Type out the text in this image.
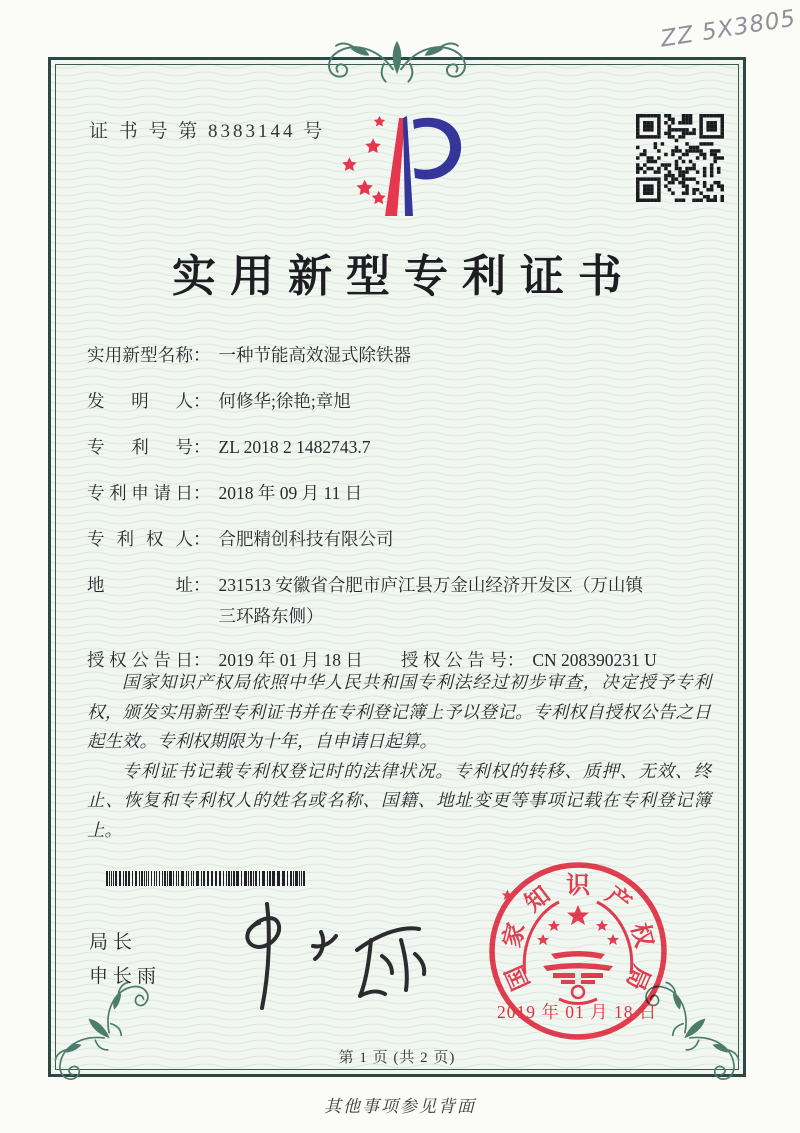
ZZ 5X3805
证 书 号 第 8383144 号
实用新型专利证书
实用新型名称 ： 一种节能高效湿式除铁器
发明人 ： 何修华;徐艳;章旭
专利号 ： ZL 2018 2 1482743.7
专利申请日 ： 2018 年 09 月 11 日
专利权人 ： 合肥精创科技有限公司
地址 ： 231513 安徽省合肥市庐江县万金山经济开发区（万山镇
三环路东侧）
授权公告日 ： 2019 年 01 月 18 日 授权公告号 ： CN 208390231 U

国家知识产权局依照中华人民共和国专利法经过初步审查，决定授予专利权，颁发实用新型专利证书并在专利登记簿上予以登记。专利权自授权公告之日起生效。专利权期限为十年，自申请日起算。

专利证书记载专利权登记时的法律状况。专利权的转移、质押、无效、终止、恢复和专利权人的姓名或名称、国籍、地址变更等事项记载在专利登记簿上。

局长
申长雨	国
家
知 识 产
权
局
2019 年 01 月 18 日
第 1 页 (共 2 页)
其他事项参见背面
